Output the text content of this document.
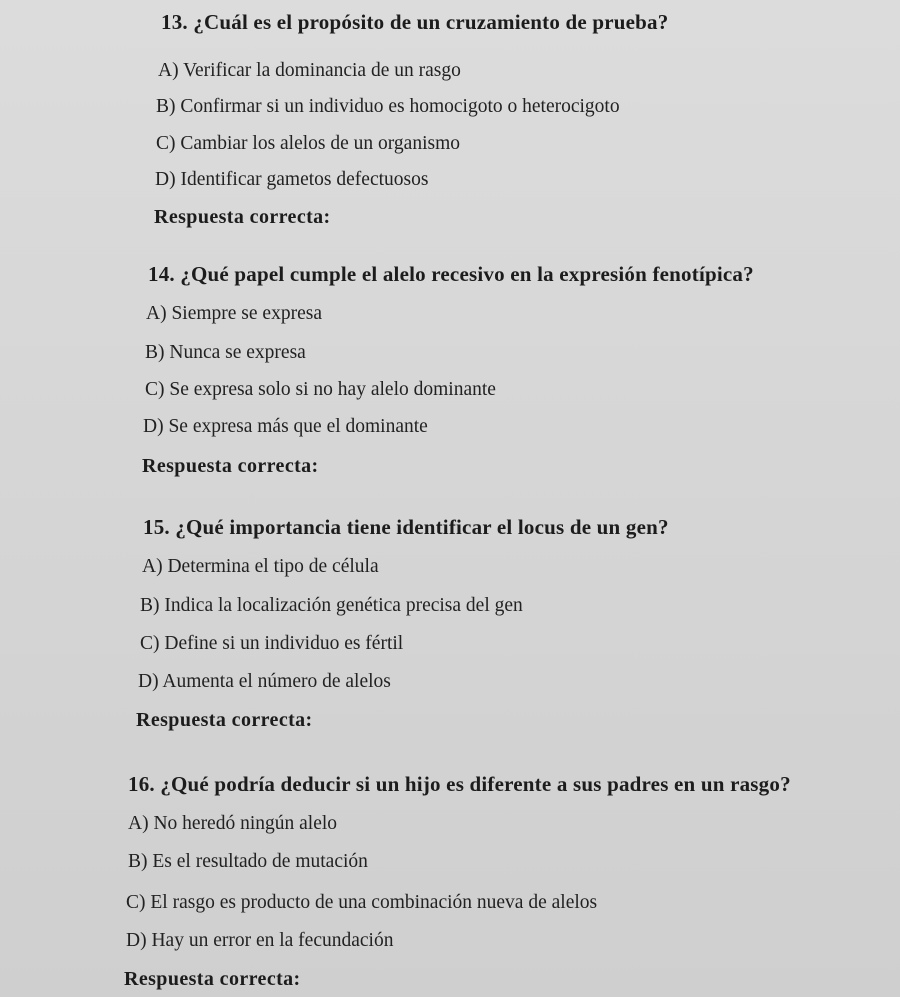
13. ¿Cuál es el propósito de un cruzamiento de prueba?
A) Verificar la dominancia de un rasgo
B) Confirmar si un individuo es homocigoto o heterocigoto
C) Cambiar los alelos de un organismo
D) Identificar gametos defectuosos
Respuesta correcta:
14. ¿Qué papel cumple el alelo recesivo en la expresión fenotípica?
A) Siempre se expresa
B) Nunca se expresa
C) Se expresa solo si no hay alelo dominante
D) Se expresa más que el dominante
Respuesta correcta:
15. ¿Qué importancia tiene identificar el locus de un gen?
A) Determina el tipo de célula
B) Indica la localización genética precisa del gen
C) Define si un individuo es fértil
D) Aumenta el número de alelos
Respuesta correcta:
16. ¿Qué podría deducir si un hijo es diferente a sus padres en un rasgo?
A) No heredó ningún alelo
B) Es el resultado de mutación
C) El rasgo es producto de una combinación nueva de alelos
D) Hay un error en la fecundación
Respuesta correcta:
